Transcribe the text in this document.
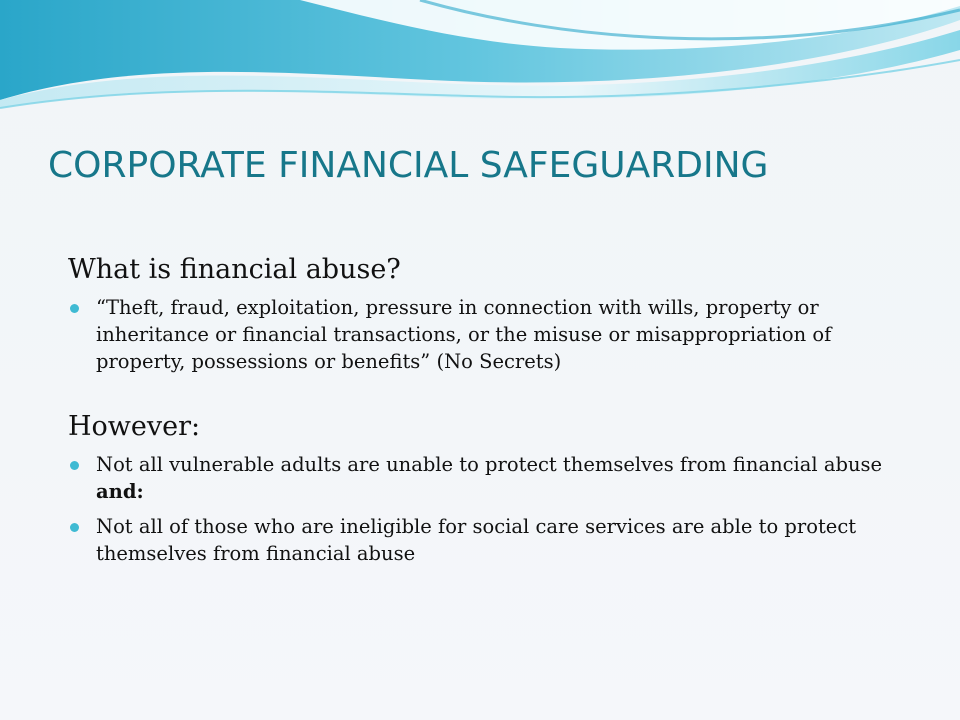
CORPORATE FINANCIAL SAFEGUARDING
What is financial abuse?
“Theft, fraud, exploitation, pressure in connection with wills, property or inheritance or financial transactions, or the misuse or misappropriation of property, possessions or benefits” (No Secrets)
However:
Not all vulnerable adults are unable to protect themselves from financial abuse and:
Not all of those who are ineligible for social care services are able to protect themselves from financial abuse
